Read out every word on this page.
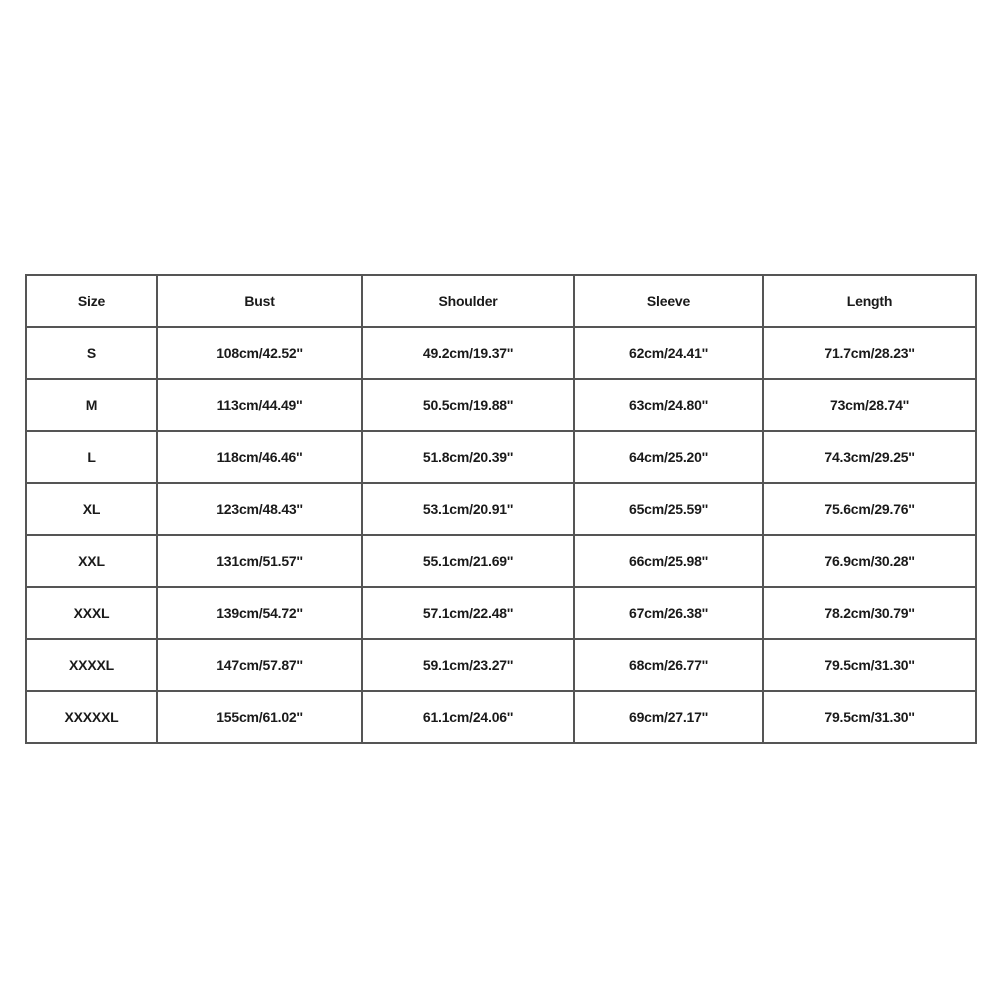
Size	Bust	Shoulder	Sleeve	Length
S	108cm/42.52''	49.2cm/19.37''	62cm/24.41''	71.7cm/28.23''
M	113cm/44.49''	50.5cm/19.88''	63cm/24.80''	73cm/28.74''
L	118cm/46.46''	51.8cm/20.39''	64cm/25.20''	74.3cm/29.25''
XL	123cm/48.43''	53.1cm/20.91''	65cm/25.59''	75.6cm/29.76''
XXL	131cm/51.57''	55.1cm/21.69''	66cm/25.98''	76.9cm/30.28''
XXXL	139cm/54.72''	57.1cm/22.48''	67cm/26.38''	78.2cm/30.79''
XXXXL	147cm/57.87''	59.1cm/23.27''	68cm/26.77''	79.5cm/31.30''
XXXXXL	155cm/61.02''	61.1cm/24.06''	69cm/27.17''	79.5cm/31.30''
